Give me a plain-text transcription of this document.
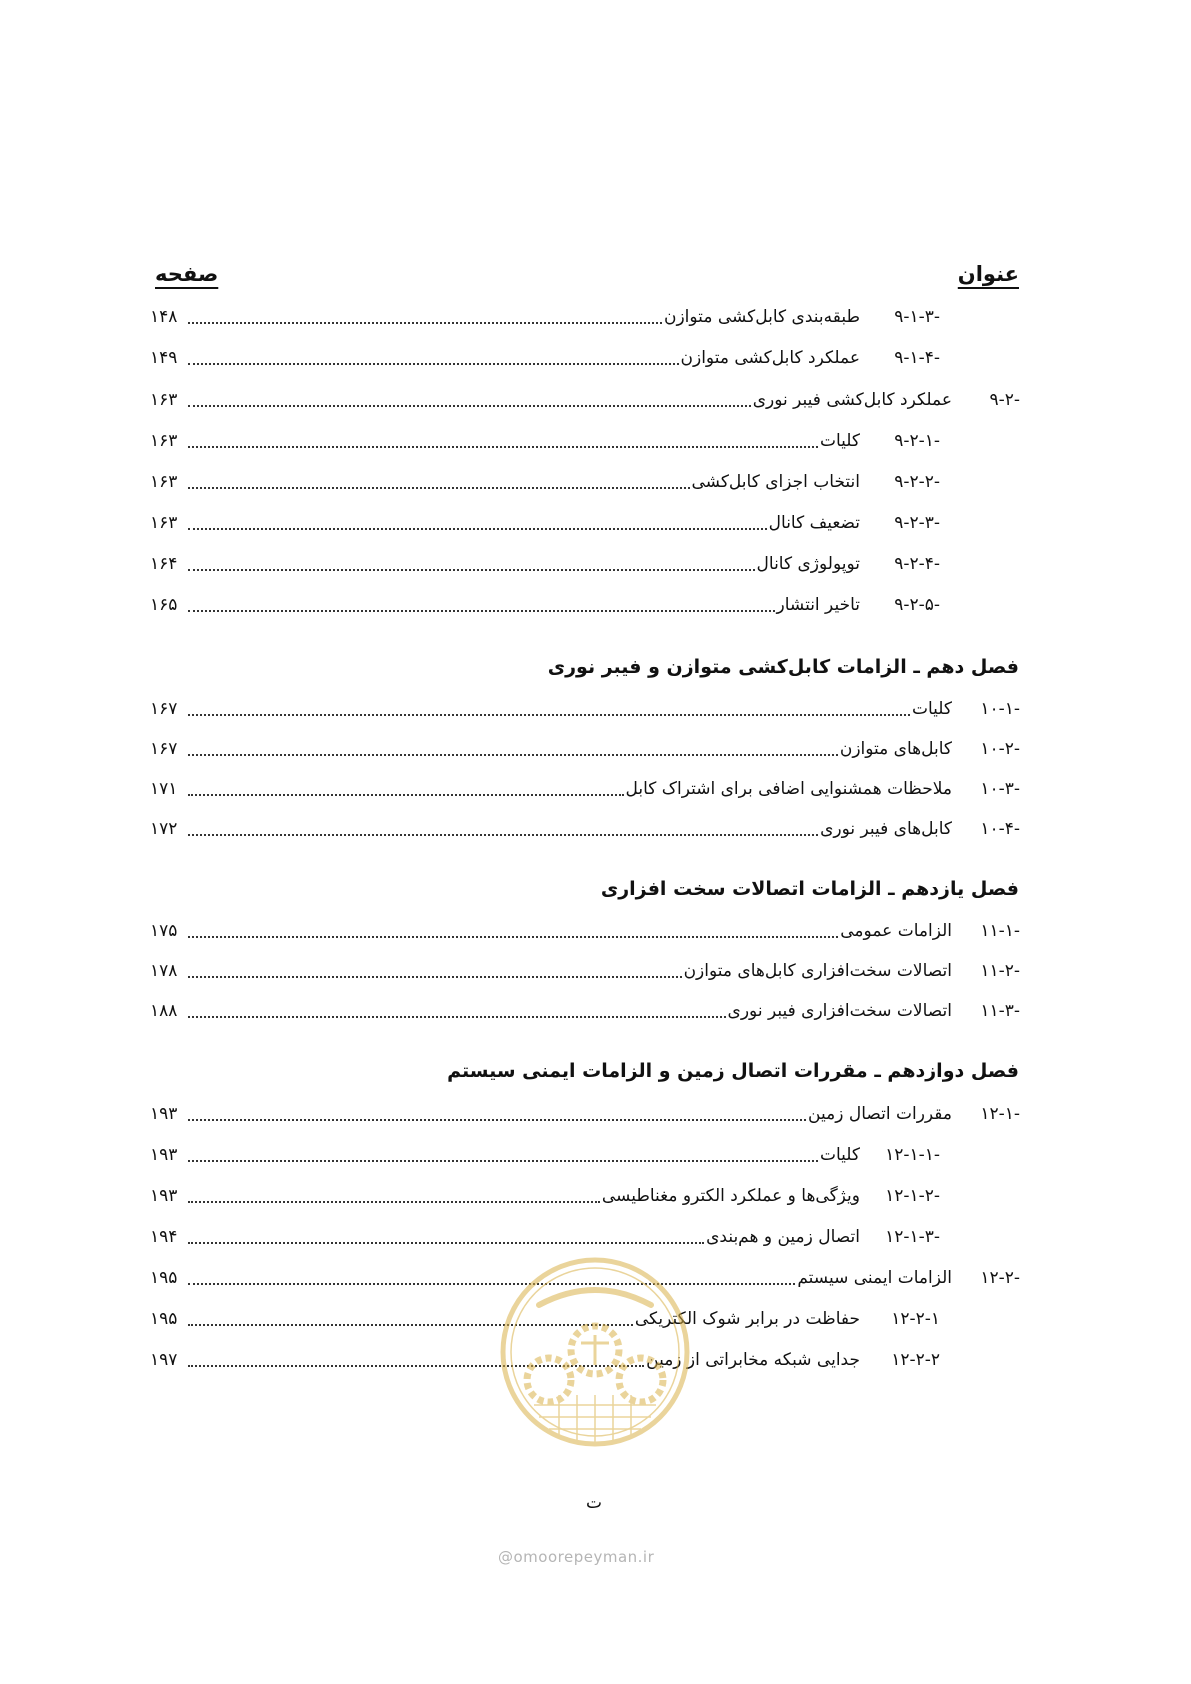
عنوان
صفحه
۹-۱-۳-
طبقه‌بندی کابل‌کشی متوازن
۱۴۸
۹-۱-۴-
عملکرد کابل‌کشی متوازن
۱۴۹
۹-۲-
عملکرد کابل‌کشی فیبر نوری
۱۶۳
۹-۲-۱-
کلیات
۱۶۳
۹-۲-۲-
انتخاب اجزای کابل‌کشی
۱۶۳
۹-۲-۳-
تضعیف کانال
۱۶۳
۹-۲-۴-
توپولوژی کانال
۱۶۴
۹-۲-۵-
تاخیر انتشار
۱۶۵
فصل دهم ـ الزامات کابل‌کشی متوازن و فیبر نوری
۱۰-۱-
کلیات
۱۶۷
۱۰-۲-
کابل‌های متوازن
۱۶۷
۱۰-۳-
ملاحظات همشنوایی اضافی برای اشتراک کابل
۱۷۱
۱۰-۴-
کابل‌های فیبر نوری
۱۷۲
فصل یازدهم ـ الزامات اتصالات سخت افزاری
۱۱-۱-
الزامات عمومی
۱۷۵
۱۱-۲-
اتصالات سخت‌افزاری کابل‌های متوازن
۱۷۸
۱۱-۳-
اتصالات سخت‌افزاری فیبر نوری
۱۸۸
فصل دوازدهم ـ مقررات اتصال زمین و الزامات ایمنی سیستم
۱۲-۱-
مقررات اتصال زمین
۱۹۳
۱۲-۱-۱-
کلیات
۱۹۳
۱۲-۱-۲-
ویژگی‌ها و عملکرد الکترو مغناطیسی
۱۹۳
۱۲-۱-۳-
اتصال زمین و هم‌بندی
۱۹۴
۱۲-۲-
الزامات ایمنی سیستم
۱۹۵
۱۲-۲-۱
حفاظت در برابر شوک الکتریکی
۱۹۵
۱۲-۲-۲
جدایی شبکه مخابراتی از زمین
۱۹۷
ت
@omoorepeyman.ir
